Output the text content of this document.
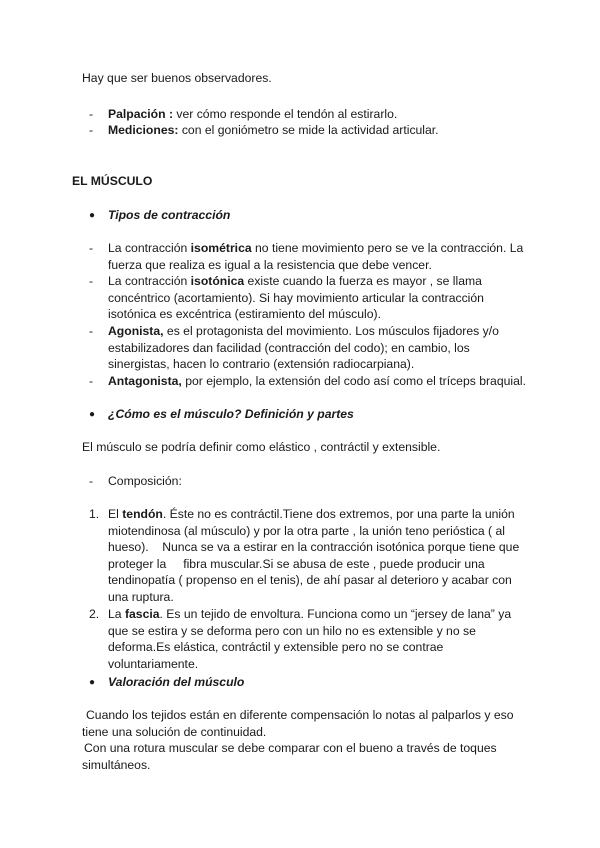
Hay que ser buenos observadores.

- Palpación : ver cómo responde el tendón al estirarlo.

- Mediciones: con el goniómetro se mide la actividad articular.

EL MÚSCULO

● Tipos de contracción

- La contracción isométrica no tiene movimiento pero se ve la contracción. La fuerza que realiza es igual a la resistencia que debe vencer.

- La contracción isotónica existe cuando la fuerza es mayor , se llama concéntrico (acortamiento). Si hay movimiento articular la contracción isotónica es excéntrica (estiramiento del músculo).

- Agonista, es el protagonista del movimiento. Los músculos fijadores y/o estabilizadores dan facilidad (contracción del codo); en cambio, los sinergistas, hacen lo contrario (extensión radiocarpiana).

- Antagonista, por ejemplo, la extensión del codo así como el tríceps braquial.

● ¿Cómo es el músculo? Definición y partes

El músculo se podría definir como elástico , contráctil y extensible.

- Composición:

1. El tendón. Éste no es contráctil.Tiene dos extremos, por una parte la unión miotendinosa (al músculo) y por la otra parte , la unión teno perióstica ( al hueso).    Nunca se va a estirar en la contracción isotónica porque tiene que proteger la     fibra muscular.Si se abusa de este , puede producir una tendinopatía ( propenso en el tenis), de ahí pasar al deterioro y acabar con una ruptura.

2. La fascia. Es un tejido de envoltura. Funciona como un “jersey de lana” ya que se estira y se deforma pero con un hilo no es extensible y no se deforma.Es elástica, contráctil y extensible pero no se contrae voluntariamente.

● Valoración del músculo

Cuando los tejidos están en diferente compensación lo notas al palparlos y eso tiene una solución de continuidad.

Con una rotura muscular se debe comparar con el bueno a través de toques simultáneos.
